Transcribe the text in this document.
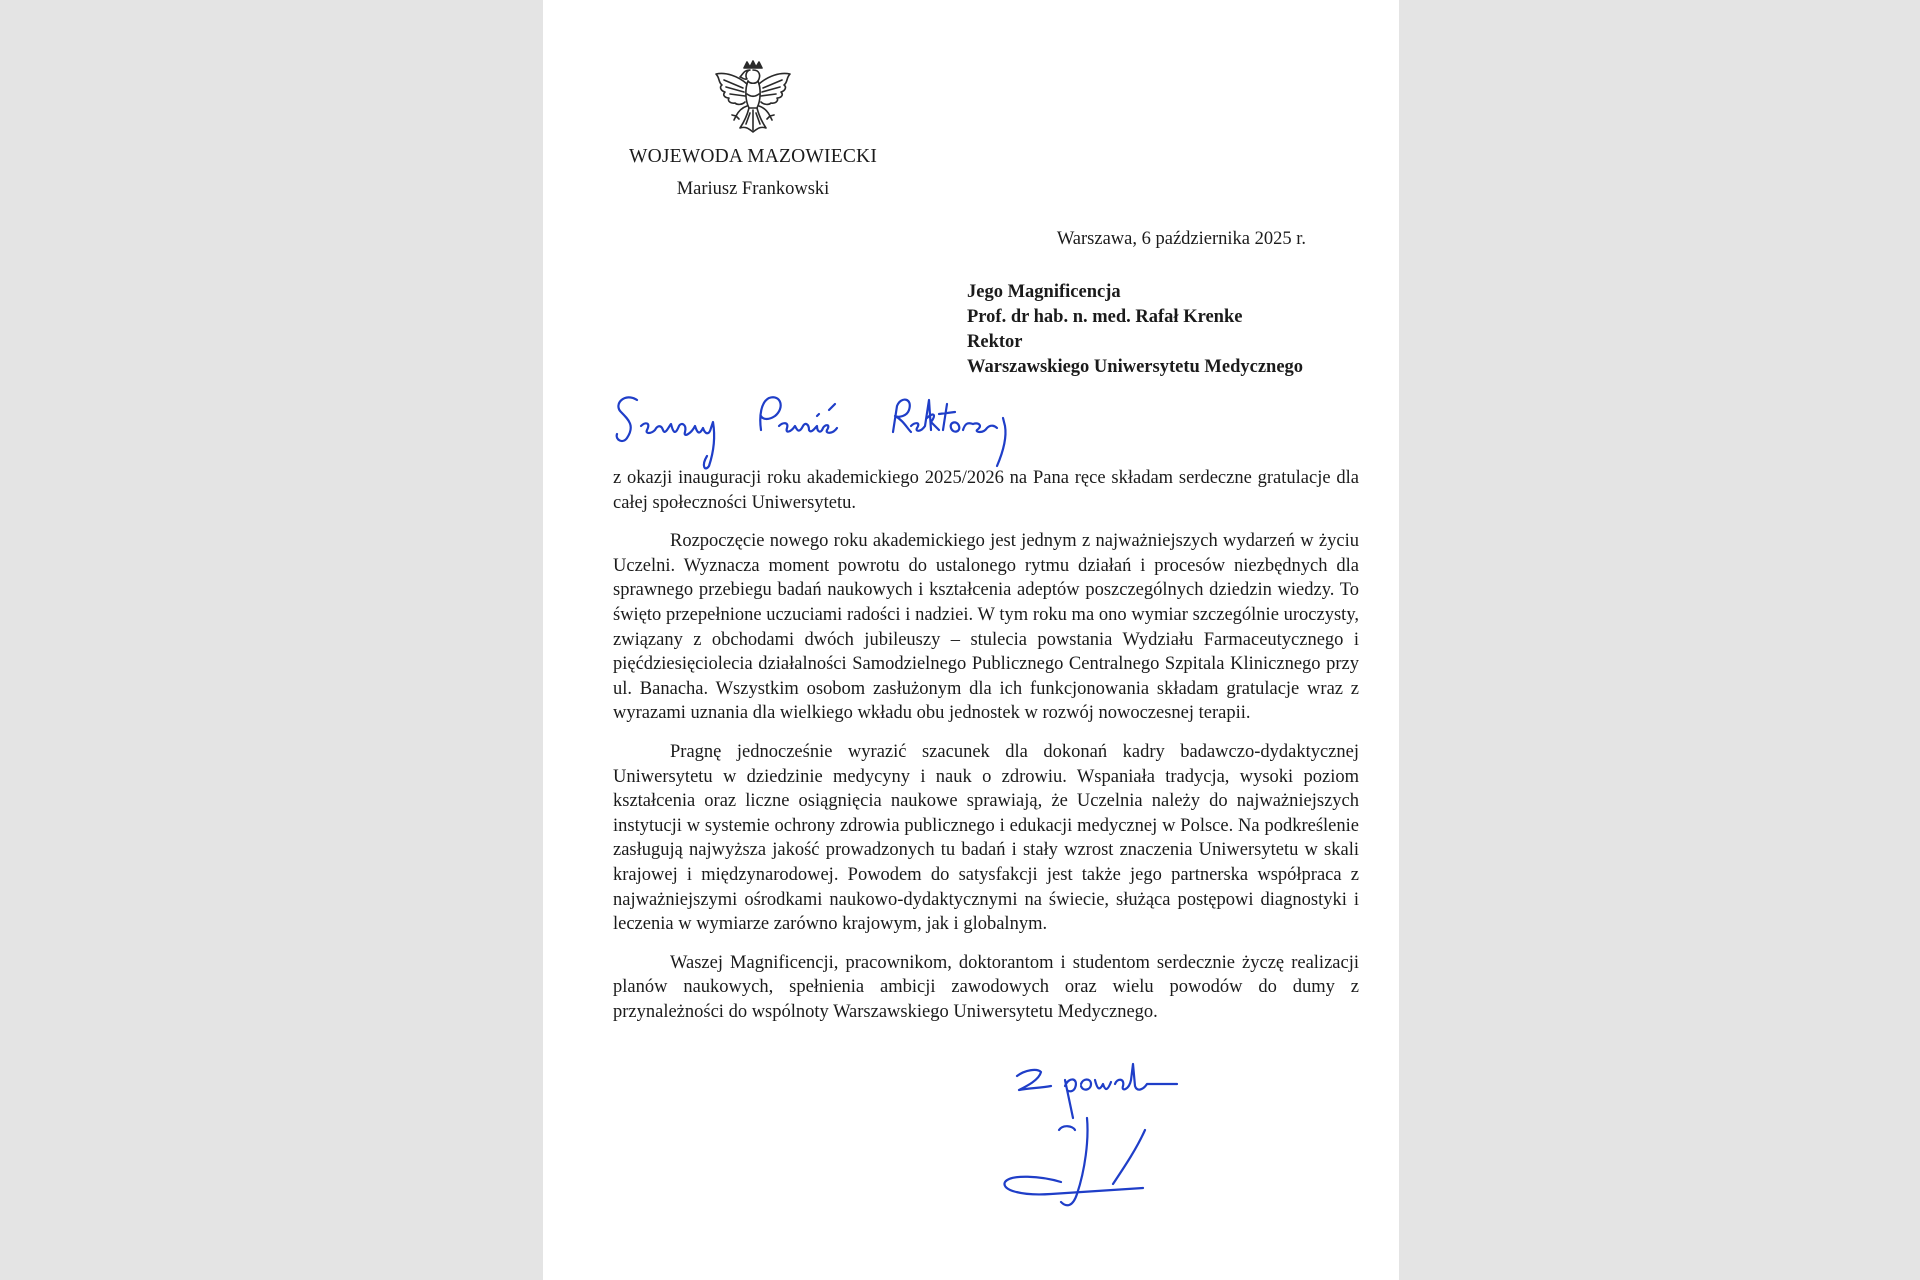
WOJEWODA MAZOWIECKI

Mariusz Frankowski

Warszawa, 6 października 2025 r.

Jego Magnificencja
Prof. dr hab. n. med. Rafał Krenke
Rektor
Warszawskiego Uniwersytetu Medycznego

z okazji inauguracji roku akademickiego 2025/2026 na Pana ręce składam serdeczne gratulacje dla całej społeczności Uniwersytetu.

Rozpoczęcie nowego roku akademickiego jest jednym z najważniejszych wydarzeń w życiu Uczelni. Wyznacza moment powrotu do ustalonego rytmu działań i procesów niezbędnych dla sprawnego przebiegu badań naukowych i kształcenia adeptów poszczególnych dziedzin wiedzy. To święto przepełnione uczuciami radości i nadziei. W tym roku ma ono wymiar szczególnie uroczysty, związany z obchodami dwóch jubileuszy – stulecia powstania Wydziału Farmaceutycznego i pięćdziesięciolecia działalności Samodzielnego Publicznego Centralnego Szpitala Klinicznego przy ul. Banacha. Wszystkim osobom zasłużonym dla ich funkcjonowania składam gratulacje wraz z wyrazami uznania dla wielkiego wkładu obu jednostek w rozwój nowoczesnej terapii.

Pragnę jednocześnie wyrazić szacunek dla dokonań kadry badawczo-dydaktycznej Uniwersytetu w dziedzinie medycyny i nauk o zdrowiu. Wspaniała tradycja, wysoki poziom kształcenia oraz liczne osiągnięcia naukowe sprawiają, że Uczelnia należy do najważniejszych instytucji w systemie ochrony zdrowia publicznego i edukacji medycznej w Polsce. Na podkreślenie zasługują najwyższa jakość prowadzonych tu badań i stały wzrost znaczenia Uniwersytetu w skali krajowej i międzynarodowej. Powodem do satysfakcji jest także jego partnerska współpraca z najważniejszymi ośrodkami naukowo-dydaktycznymi na świecie, służąca postępowi diagnostyki i leczenia w wymiarze zarówno krajowym, jak i globalnym.

Waszej Magnificencji, pracownikom, doktorantom i studentom serdecznie życzę realizacji planów naukowych, spełnienia ambicji zawodowych oraz wielu powodów do dumy z przynależności do wspólnoty Warszawskiego Uniwersytetu Medycznego.
